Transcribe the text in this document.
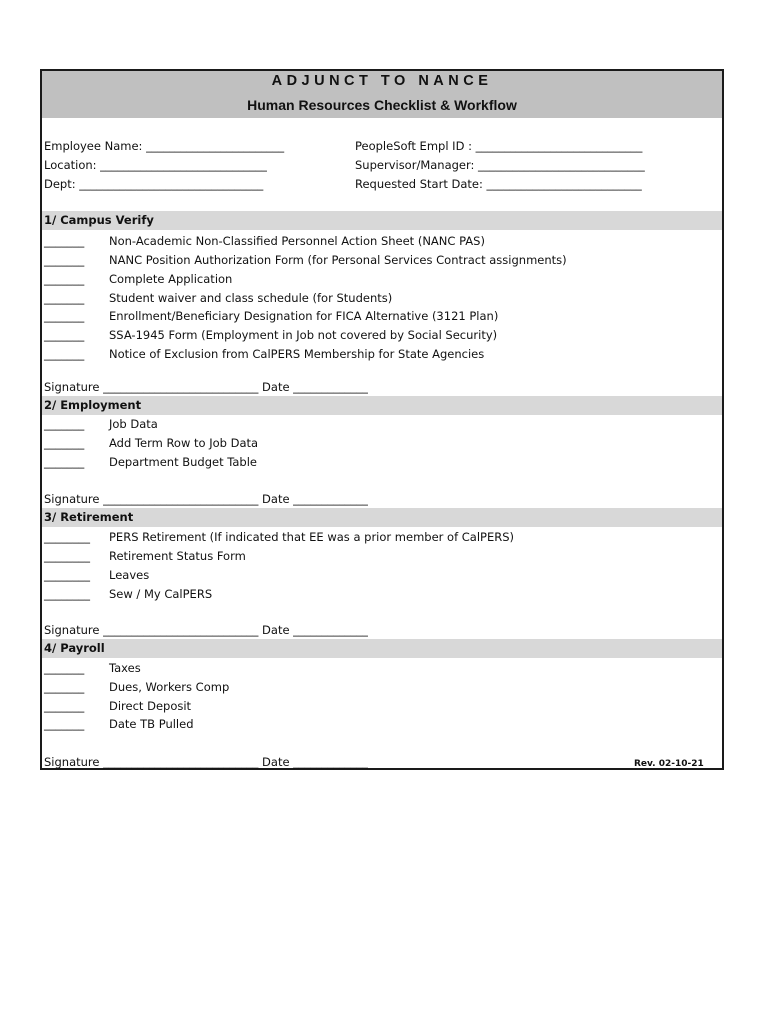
ADJUNCT TO NANCE
Human Resources Checklist & Workflow
Employee Name: ________________________
Location: _____________________________
Dept: ________________________________
PeopleSoft Empl ID : _____________________________
Supervisor/Manager: _____________________________
Requested Start Date: ___________________________
1/ Campus Verify
_______ Non-Academic Non-Classified Personnel Action Sheet (NANC PAS)
_______ NANC Position Authorization Form (for Personal Services Contract assignments)
_______ Complete Application
_______ Student waiver and class schedule (for Students)
_______ Enrollment/Beneficiary Designation for FICA Alternative (3121 Plan)
_______ SSA-1945 Form (Employment in Job not covered by Social Security)
_______ Notice of Exclusion from CalPERS Membership for State Agencies
Signature ___________________________ Date _____________
2/ Employment
_______ Job Data
_______ Add Term Row to Job Data
_______ Department Budget Table
Signature ___________________________ Date _____________
3/ Retirement
________ PERS Retirement (If indicated that EE was a prior member of CalPERS)
________ Retirement Status Form
________ Leaves
________ Sew / My CalPERS
Signature ___________________________ Date _____________
4/ Payroll
_______ Taxes
_______ Dues, Workers Comp
_______ Direct Deposit
_______ Date TB Pulled
Signature ___________________________ Date _____________	Rev. 02-10-21
